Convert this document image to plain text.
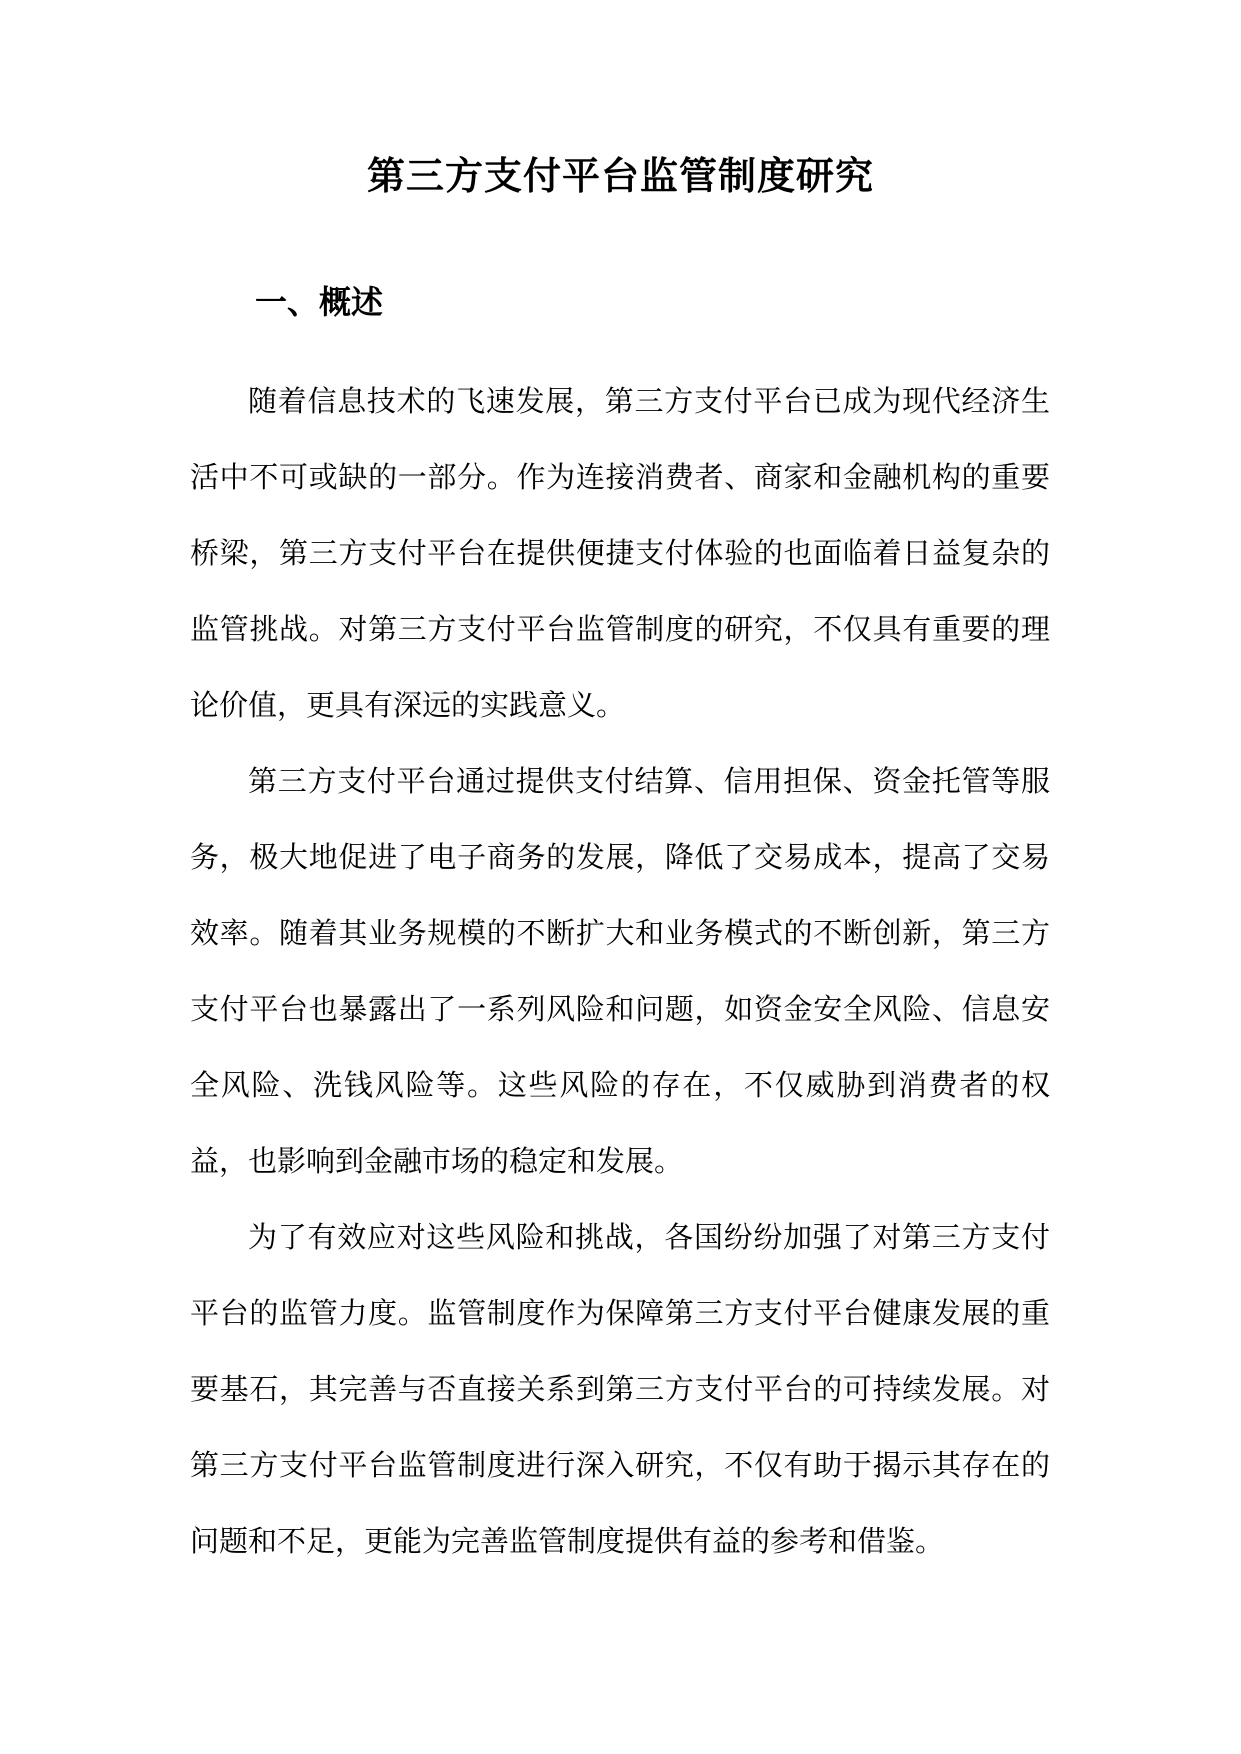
第三方支付平台监管制度研究
一、概述

随着信息技术的飞速发展，第三方支付平台已成为现代经济生活中不可或缺的一部分。作为连接消费者、商家和金融机构的重要桥梁，第三方支付平台在提供便捷支付体验的也面临着日益复杂的监管挑战。对第三方支付平台监管制度的研究，不仅具有重要的理论价值，更具有深远的实践意义。

第三方支付平台通过提供支付结算、信用担保、资金托管等服务，极大地促进了电子商务的发展，降低了交易成本，提高了交易效率。随着其业务规模的不断扩大和业务模式的不断创新，第三方支付平台也暴露出了一系列风险和问题，如资金安全风险、信息安全风险、洗钱风险等。这些风险的存在，不仅威胁到消费者的权益，也影响到金融市场的稳定和发展。

为了有效应对这些风险和挑战，各国纷纷加强了对第三方支付平台的监管力度。监管制度作为保障第三方支付平台健康发展的重要基石，其完善与否直接关系到第三方支付平台的可持续发展。对第三方支付平台监管制度进行深入研究，不仅有助于揭示其存在的问题和不足，更能为完善监管制度提供有益的参考和借鉴。
